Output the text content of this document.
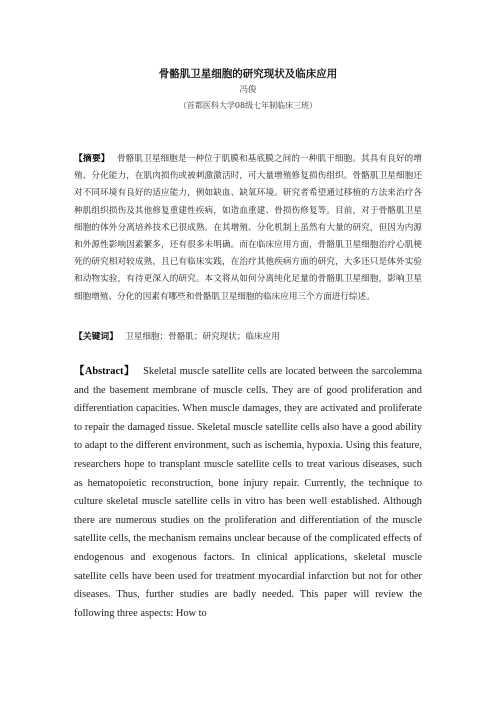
骨骼肌卫星细胞的研究现状及临床应用
冯俊
（首都医科大学08级七年制临床三班）
【摘要】  骨骼肌卫星细胞是一种位于肌膜和基底膜之间的一种肌干细胞。其具有良好的增殖、分化能力，在肌肉损伤或被刺激激活时，可大量增殖修复损伤组织。骨骼肌卫星细胞还对不同环境有良好的适应能力，例如缺血、缺氧环境。研究者希望通过移植的方法来治疗各种肌组织损伤及其他修复重建性疾病，如造血重建、骨损伤修复等。目前，对于骨骼肌卫星细胞的体外分离培养技术已很成熟。在其增殖、分化机制上虽然有大量的研究，但因为内源和外源性影响因素繁多，还有很多未明确。而在临床应用方面，骨骼肌卫星细胞治疗心肌梗死的研究相对较成熟，且已有临床实践，在治疗其他疾病方面的研究，大多还只是体外实验和动物实验，有待更深入的研究。本文将从如何分离纯化足量的骨骼肌卫星细胞，影响卫星细胞增殖、分化的因素有哪些和骨骼肌卫星细胞的临床应用三个方面进行综述。
【关键词】  卫星细胞；骨骼肌；研究现状；临床应用
【Abstract】  Skeletal muscle satellite cells are located between the sarcolemma and the basement membrane of muscle cells. They are of good proliferation and differentiation capacities. When muscle damages, they are activated and proliferate to repair the damaged tissue. Skeletal muscle satellite cells also have a good ability to adapt to the different environment, such as ischemia, hypoxia. Using this feature, researchers hope to transplant muscle satellite cells to treat various diseases, such as hematopoietic reconstruction, bone injury repair. Currently, the technique to culture skeletal muscle satellite cells in vitro has been well established. Although there are numerous studies on the proliferation and differentiation of the muscle satellite cells, the mechanism remains unclear because of the complicated effects of endogenous and exogenous factors. In clinical applications, skeletal muscle satellite cells have been used for treatment myocardial infarction but not for other diseases. Thus, further studies are badly needed. This paper will review the following three aspects: How to
